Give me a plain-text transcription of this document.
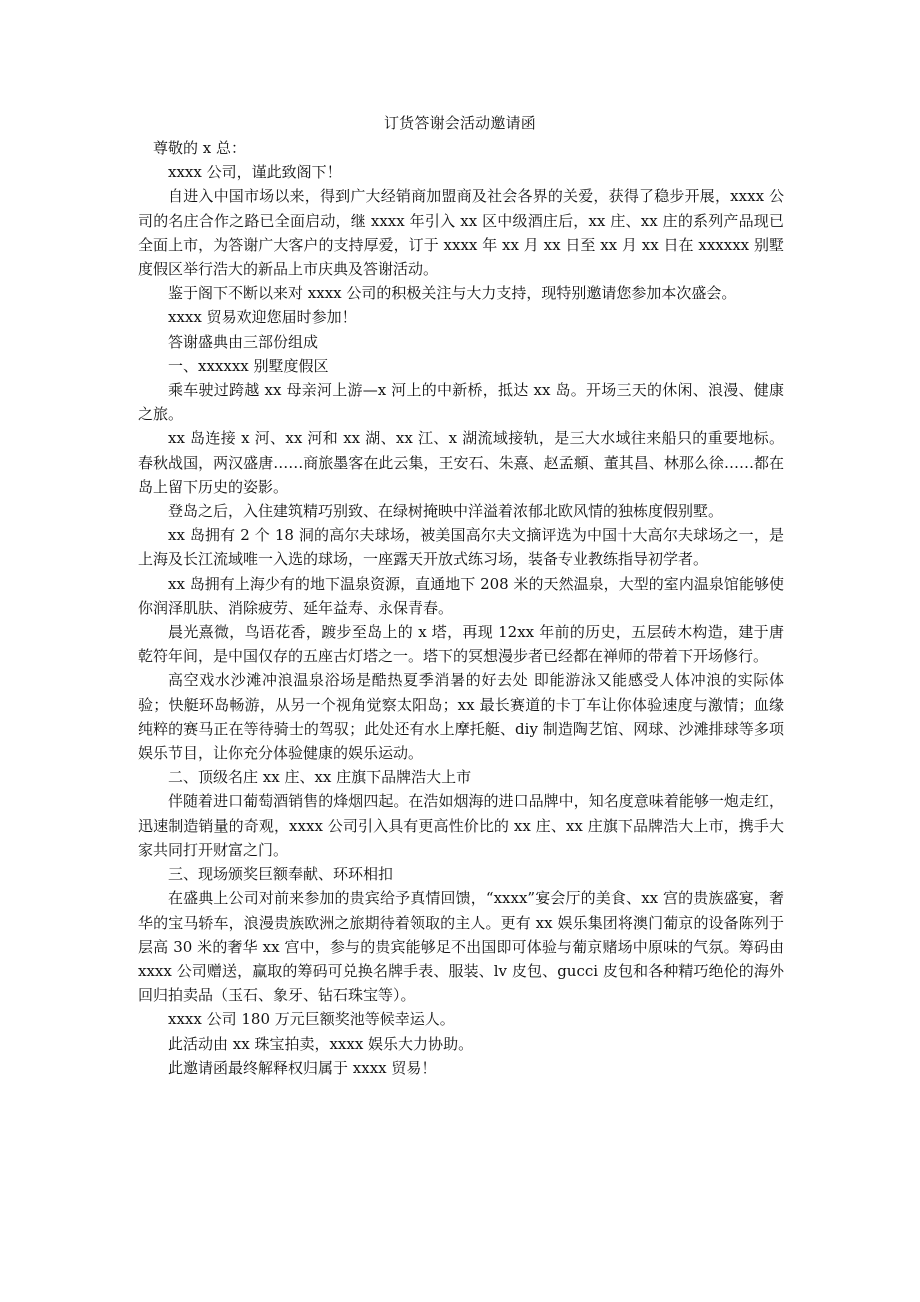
订货答谢会活动邀请函

尊敬的 x 总：

xxxx 公司，谨此致阁下！

自进入中国市场以来，得到广大经销商加盟商及社会各界的关爱，获得了稳步开展，xxxx 公司的名庄合作之路已全面启动，继 xxxx 年引入 xx 区中级酒庄后，xx 庄、xx 庄的系列产品现已全面上市，为答谢广大客户的支持厚爱，订于 xxxx 年 xx 月 xx 日至 xx 月 xx 日在 xxxxxx 别墅度假区举行浩大的新品上市庆典及答谢活动。

鉴于阁下不断以来对 xxxx 公司的积极关注与大力支持，现特别邀请您参加本次盛会。

xxxx 贸易欢迎您届时参加！

答谢盛典由三部份组成

一、xxxxxx 别墅度假区

乘车驶过跨越 xx 母亲河上游—x 河上的中新桥，抵达 xx 岛。开场三天的休闲、浪漫、健康之旅。

xx 岛连接 x 河、xx 河和 xx 湖、xx 江、x 湖流域接轨，是三大水域往来船只的重要地标。春秋战国，两汉盛唐……商旅墨客在此云集，王安石、朱熹、赵孟頫、董其昌、林那么徐……都在岛上留下历史的姿影。

登岛之后，入住建筑精巧别致、在绿树掩映中洋溢着浓郁北欧风情的独栋度假别墅。

xx 岛拥有 2 个 18 洞的高尔夫球场，被美国高尔夫文摘评选为中国十大高尔夫球场之一，是上海及长江流域唯一入选的球场，一座露天开放式练习场，装备专业教练指导初学者。

xx 岛拥有上海少有的地下温泉资源，直通地下 208 米的天然温泉，大型的室内温泉馆能够使你润泽肌肤、消除疲劳、延年益寿、永保青春。

晨光熹微，鸟语花香，踱步至岛上的 x 塔，再现 12xx 年前的历史，五层砖木构造，建于唐乾符年间，是中国仅存的五座古灯塔之一。塔下的冥想漫步者已经都在禅师的带着下开场修行。

高空戏水沙滩冲浪温泉浴场是酷热夏季消暑的好去处 即能游泳又能感受人体冲浪的实际体验；快艇环岛畅游，从另一个视角觉察太阳岛；xx 最长赛道的卡丁车让你体验速度与激情；血缘纯粹的赛马正在等待骑士的驾驭；此处还有水上摩托艇、diy 制造陶艺馆、网球、沙滩排球等多项娱乐节目，让你充分体验健康的娱乐运动。

二、顶级名庄 xx 庄、xx 庄旗下品牌浩大上市

伴随着进口葡萄酒销售的烽烟四起。在浩如烟海的进口品牌中，知名度意味着能够一炮走红，迅速制造销量的奇观，xxxx 公司引入具有更高性价比的 xx 庄、xx 庄旗下品牌浩大上市，携手大家共同打开财富之门。

三、现场颁奖巨额奉献、环环相扣

在盛典上公司对前来参加的贵宾给予真情回馈，“xxxx”宴会厅的美食、xx 宫的贵族盛宴，奢华的宝马轿车，浪漫贵族欧洲之旅期待着领取的主人。更有 xx 娱乐集团将澳门葡京的设备陈列于层高 30 米的奢华 xx 宫中，参与的贵宾能够足不出国即可体验与葡京赌场中原味的气氛。筹码由 xxxx 公司赠送，赢取的筹码可兑换名牌手表、服装、lv 皮包、gucci 皮包和各种精巧绝伦的海外回归拍卖品（玉石、象牙、钻石珠宝等）。

xxxx 公司 180 万元巨额奖池等候幸运人。

此活动由 xx 珠宝拍卖，xxxx 娱乐大力协助。

此邀请函最终解释权归属于 xxxx 贸易！
